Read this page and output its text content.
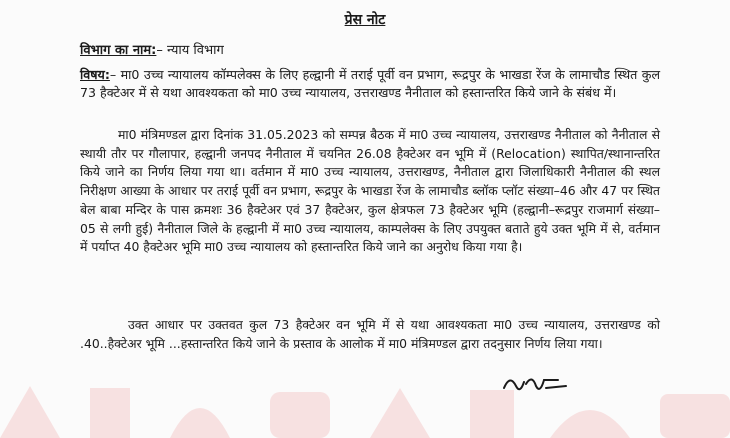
प्रेस नोट
विभाग का नाम:– न्याय विभाग
विषय:– मा0 उच्च न्यायालय कॉम्पलेक्स के लिए हल्द्वानी में तराई पूर्वी वन प्रभाग, रूद्रपुर के भाखडा रेंज के लामाचौड स्थित कुल 73 हैक्टेअर में से यथा आवश्यकता को मा0 उच्च न्यायालय, उत्तराखण्ड नैनीताल को हस्तान्तरित किये जाने के संबंध में।
मा0 मंत्रिमण्डल द्वारा दिनांक 31.05.2023 को सम्पन्न बैठक में मा0 उच्च न्यायालय, उत्तराखण्ड नैनीताल को नैनीताल से स्थायी तौर पर गौलापार, हल्द्वानी जनपद नैनीताल में चयनित 26.08 हैक्टेअर वन भूमि में (Relocation) स्थापित/स्थानान्तरित किये जाने का निर्णय लिया गया था। वर्तमान में मा0 उच्च न्यायालय, उत्तराखण्ड, नैनीताल द्वारा जिलाधिकारी नैनीताल की स्थल निरीक्षण आख्या के आधार पर तराई पूर्वी वन प्रभाग, रूद्रपुर के भाखडा रेंज के लामाचौड ब्लॉक प्लॉट संख्या–46 और 47 पर स्थित बेल बाबा मन्दिर के पास क्रमशः 36 हैक्टेअर एवं 37 हैक्टेअर, कुल क्षेत्रफल 73 हैक्टेअर भूमि (हल्द्वानी–रूद्रपुर राजमार्ग संख्या–05 से लगी हुई) नैनीताल जिले के हल्द्वानी में मा0 उच्च न्यायालय, काम्पलेक्स के लिए उपयुक्त बताते हुये उक्त भूमि में से, वर्तमान में पर्याप्त 40 हैक्टेअर भूमि मा0 उच्च न्यायालय को हस्तान्तरित किये जाने का अनुरोध किया गया है।
उक्त आधार पर उक्तवत कुल 73 हैक्टेअर वन भूमि में से यथा आवश्यकता मा0 उच्च न्यायालय, उत्तराखण्ड को .40..हैक्टेअर भूमि ...हस्तान्तरित किये जाने के प्रस्ताव के आलोक में मा0 मंत्रिमण्डल द्वारा तदनुसार निर्णय लिया गया।
